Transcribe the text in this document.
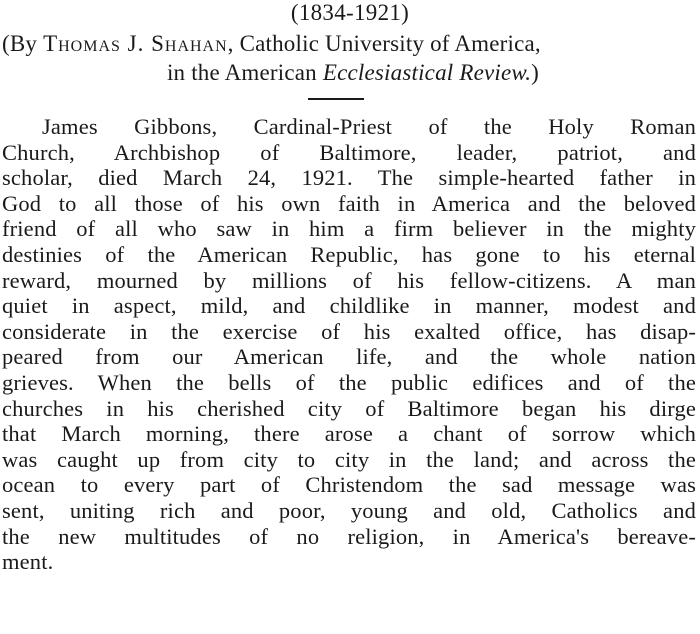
(1834-1921)
(By Thomas J. Shahan, Catholic University of America,
in the American Ecclesiastical Review.)
James Gibbons, Cardinal-Priest of the Holy Roman
Church, Archbishop of Baltimore, leader, patriot, and
scholar, died March 24, 1921. The simple-hearted father in
God to all those of his own faith in America and the beloved
friend of all who saw in him a firm believer in the mighty
destinies of the American Republic, has gone to his eternal
reward, mourned by millions of his fellow-citizens. A man
quiet in aspect, mild, and childlike in manner, modest and
considerate in the exercise of his exalted office, has disap-
peared from our American life, and the whole nation
grieves. When the bells of the public edifices and of the
churches in his cherished city of Baltimore began his dirge
that March morning, there arose a chant of sorrow which
was caught up from city to city in the land; and across the
ocean to every part of Christendom the sad message was
sent, uniting rich and poor, young and old, Catholics and
the new multitudes of no religion, in America's bereave-
ment.
